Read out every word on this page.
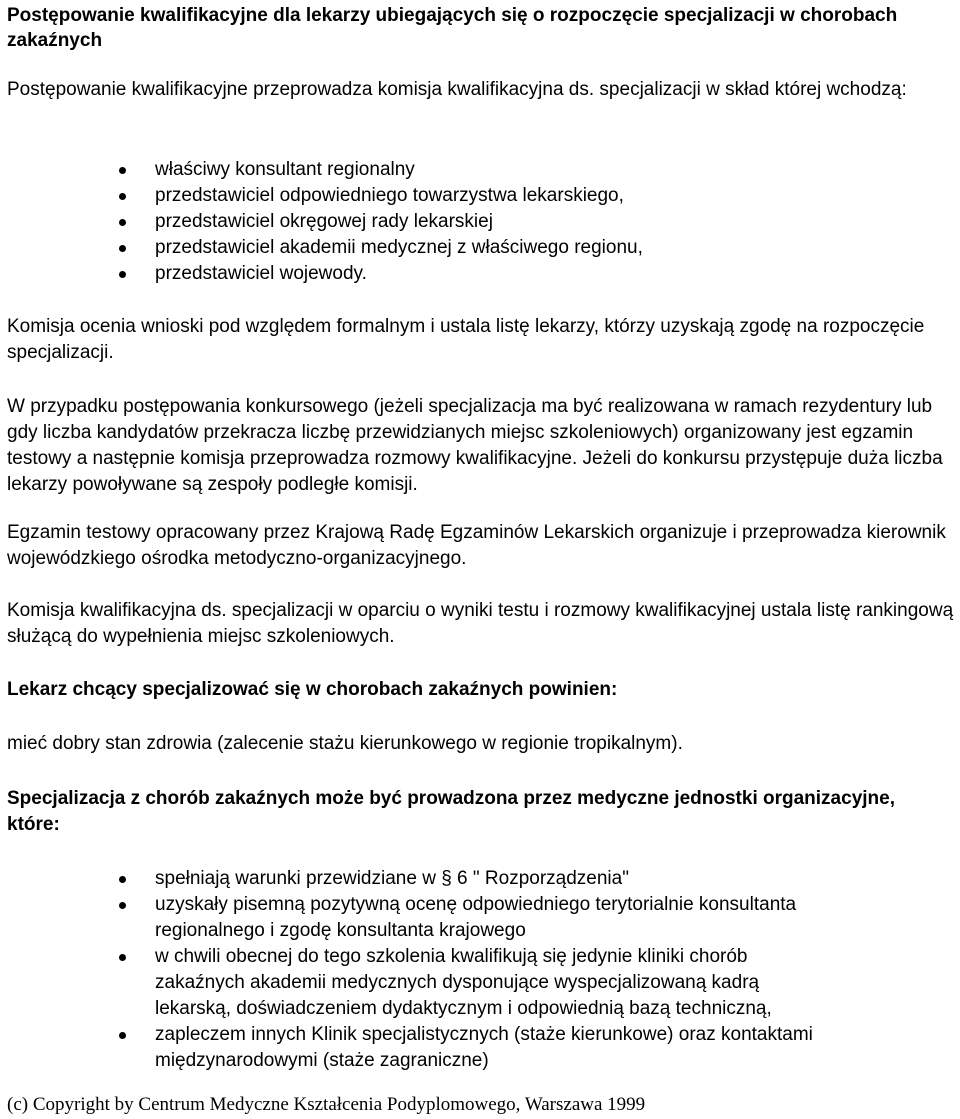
Postępowanie kwalifikacyjne dla lekarzy ubiegających się o rozpoczęcie specjalizacji w chorobach zakaźnych
Postępowanie kwalifikacyjne przeprowadza komisja kwalifikacyjna ds. specjalizacji w skład której wchodzą:
właściwy konsultant regionalny
przedstawiciel odpowiedniego towarzystwa lekarskiego,
przedstawiciel okręgowej rady lekarskiej
przedstawiciel akademii medycznej z właściwego regionu,
przedstawiciel wojewody.
Komisja ocenia wnioski pod względem formalnym i ustala listę lekarzy, którzy uzyskają zgodę na rozpoczęcie specjalizacji.
W przypadku postępowania konkursowego (jeżeli specjalizacja ma być realizowana w ramach rezydentury lub gdy liczba kandydatów przekracza liczbę przewidzianych miejsc szkoleniowych) organizowany jest egzamin testowy a następnie komisja przeprowadza rozmowy kwalifikacyjne. Jeżeli do konkursu przystępuje duża liczba lekarzy powoływane są zespoły podległe komisji.
Egzamin testowy opracowany przez Krajową Radę Egzaminów Lekarskich organizuje i przeprowadza kierownik wojewódzkiego ośrodka metodyczno-organizacyjnego.
Komisja kwalifikacyjna ds. specjalizacji w oparciu o wyniki testu i rozmowy kwalifikacyjnej ustala listę rankingową służącą do wypełnienia miejsc szkoleniowych.
Lekarz chcący specjalizować się w chorobach zakaźnych powinien:
mieć dobry stan zdrowia (zalecenie stażu kierunkowego w regionie tropikalnym).
Specjalizacja z chorób zakaźnych może być prowadzona przez medyczne jednostki organizacyjne, które:
spełniają warunki przewidziane w § 6 " Rozporządzenia"
uzyskały pisemną pozytywną ocenę odpowiedniego terytorialnie konsultanta regionalnego i zgodę konsultanta krajowego
w chwili obecnej do tego szkolenia kwalifikują się jedynie kliniki chorób zakaźnych akademii medycznych dysponujące wyspecjalizowaną kadrą lekarską, doświadczeniem dydaktycznym i odpowiednią bazą techniczną,
zapleczem innych Klinik specjalistycznych (staże kierunkowe) oraz kontaktami międzynarodowymi (staże zagraniczne)
(c) Copyright by Centrum Medyczne Kształcenia Podyplomowego, Warszawa 1999
